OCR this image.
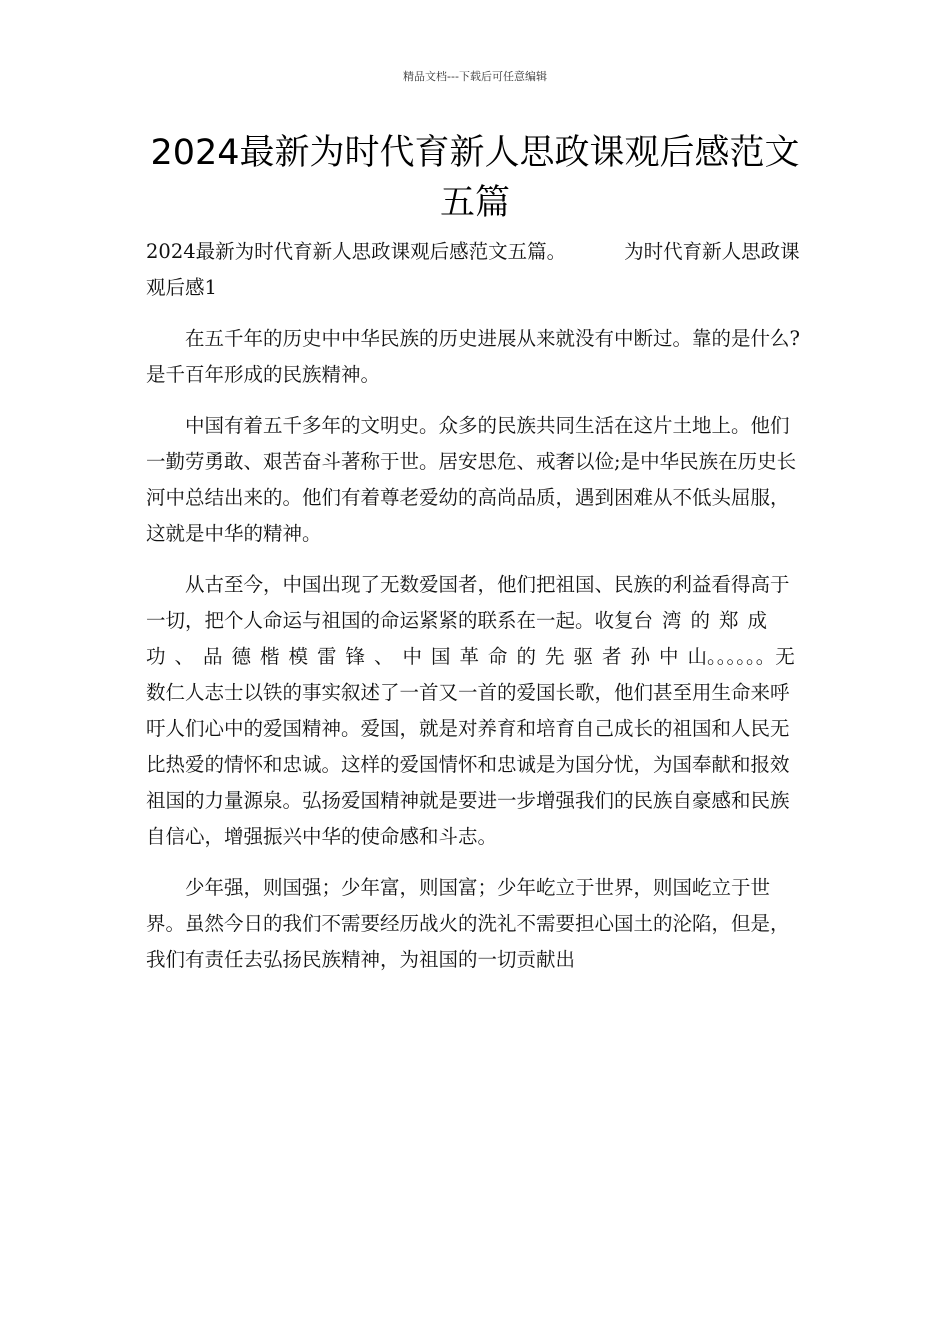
精品文档---下载后可任意编辑
2024最新为时代育新人思政课观后感范文五篇

2024最新为时代育新人思政课观后感范文五篇。	为时代育新人思政课观后感1

在五千年的历史中中华民族的历史进展从来就没有中断过。靠的是什么?是千百年形成的民族精神。

中国有着五千多年的文明史。众多的民族共同生活在这片土地上。他们一勤劳勇敢、艰苦奋斗著称于世。居安思危、戒奢以俭;是中华民族在历史长河中总结出来的。他们有着尊老爱幼的高尚品质，遇到困难从不低头屈服，这就是中华的精神。

从古至今，中国出现了无数爱国者，他们把祖国、民族的利益看得高于一切，把个人命运与祖国的命运紧紧的联系在一起。收复台湾的郑成功、品德楷模雷锋、中国革命的先驱者孙中山。。。。。。无数仁人志士以铁的事实叙述了一首又一首的爱国长歌，他们甚至用生命来呼吁人们心中的爱国精神。爱国，就是对养育和培育自己成长的祖国和人民无比热爱的情怀和忠诚。这样的爱国情怀和忠诚是为国分忧，为国奉献和报效祖国的力量源泉。弘扬爱国精神就是要进一步增强我们的民族自豪感和民族自信心，增强振兴中华的使命感和斗志。

少年强，则国强；少年富，则国富；少年屹立于世界，则国屹立于世界。虽然今日的我们不需要经历战火的洗礼不需要担心国土的沦陷，但是，我们有责任去弘扬民族精神，为祖国的一切贡献出
